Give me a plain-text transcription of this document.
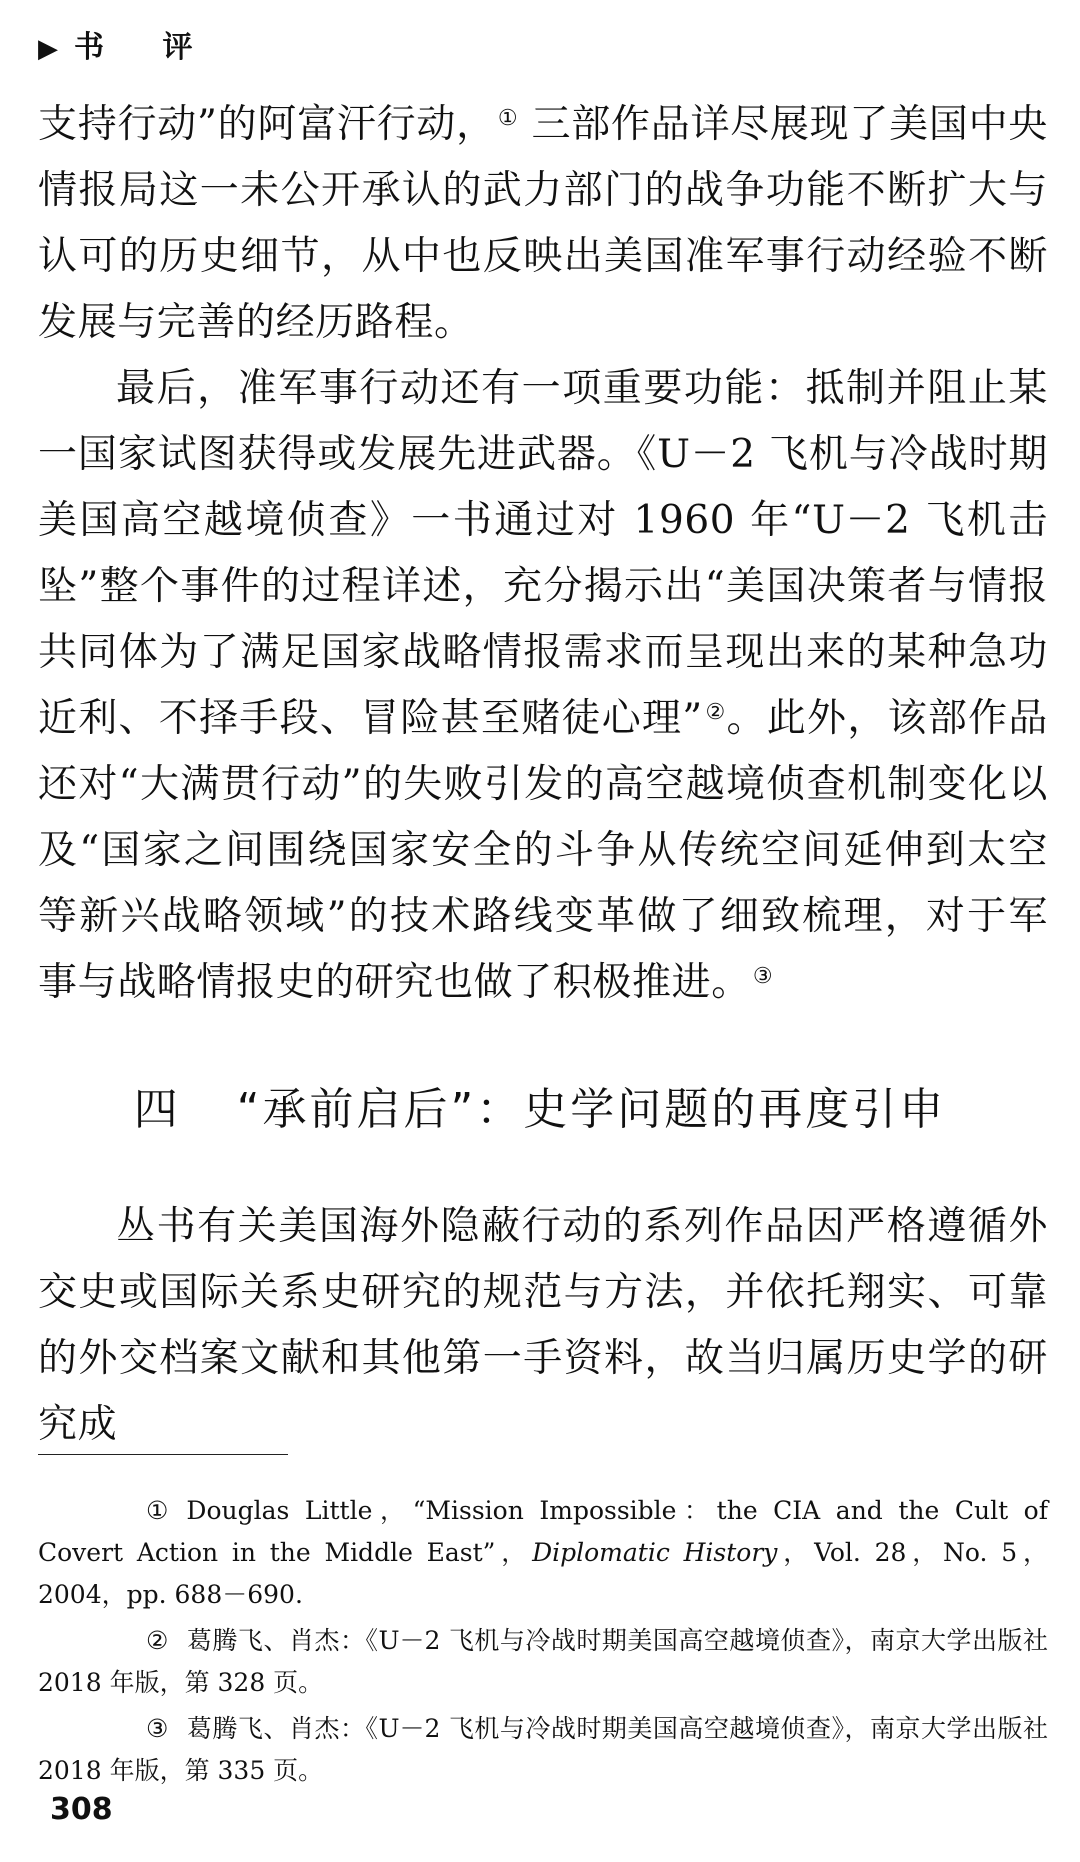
▶ 书 评

支持行动”的阿富汗行动，① 三部作品详尽展现了美国中央情报局这一未公开承认的武力部门的战争功能不断扩大与认可的历史细节，从中也反映出美国准军事行动经验不断发展与完善的经历路程。

最后，准军事行动还有一项重要功能：抵制并阻止某一国家试图获得或发展先进武器。《U－2 飞机与冷战时期美国高空越境侦查》一书通过对 1960 年“U－2 飞机击坠”整个事件的过程详述，充分揭示出“美国决策者与情报共同体为了满足国家战略情报需求而呈现出来的某种急功近利、不择手段、冒险甚至赌徒心理”②。此外，该部作品还对“大满贯行动”的失败引发的高空越境侦查机制变化以及“国家之间围绕国家安全的斗争从传统空间延伸到太空等新兴战略领域”的技术路线变革做了细致梳理，对于军事与战略情报史的研究也做了积极推进。③

四 “承前启后”：史学问题的再度引申

丛书有关美国海外隐蔽行动的系列作品因严格遵循外交史或国际关系史研究的规范与方法，并依托翔实、可靠的外交档案文献和其他第一手资料，故当归属历史学的研究成

① Douglas Little，“Mission Impossible：the CIA and the Cult of Covert Action in the Middle East”，Diplomatic History，Vol. 28，No. 5，2004，pp. 688－690.

② 葛腾飞、肖杰：《U－2 飞机与冷战时期美国高空越境侦查》，南京大学出版社 2018 年版，第 328 页。

③ 葛腾飞、肖杰：《U－2 飞机与冷战时期美国高空越境侦查》，南京大学出版社 2018 年版，第 335 页。

308
